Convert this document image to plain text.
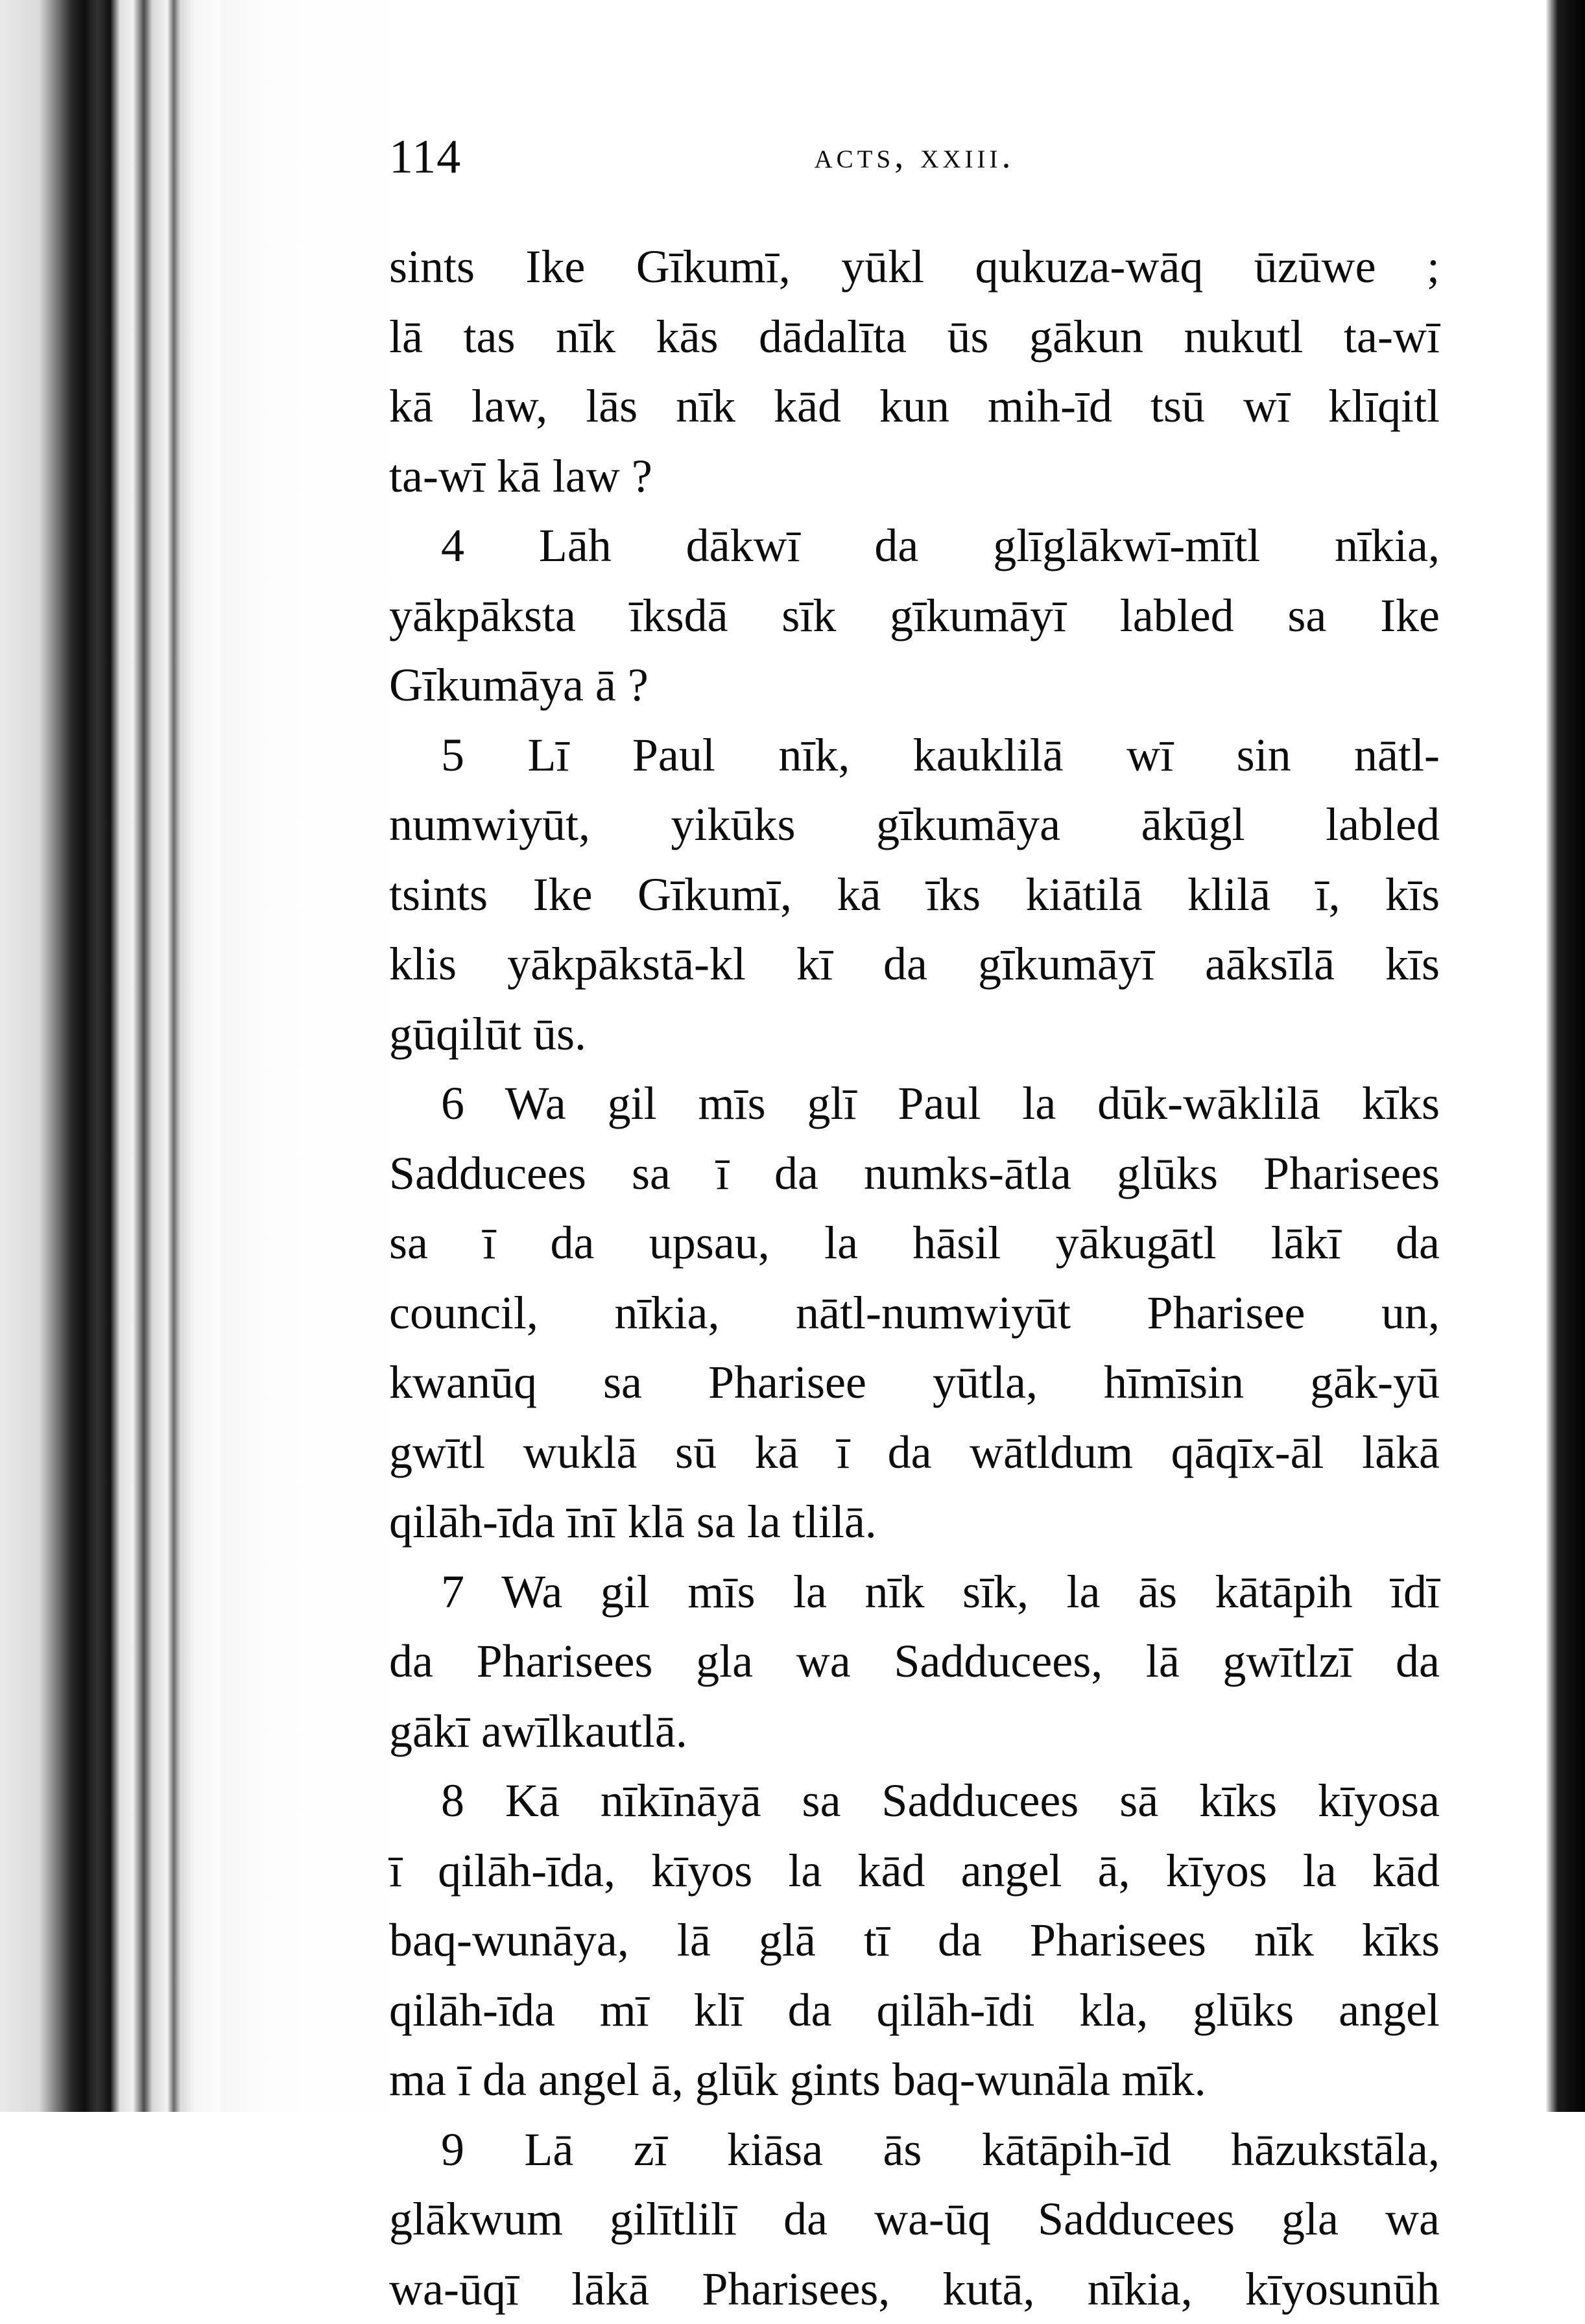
114	acts, xxiii.
sints Ike Gīkumī, yūkl qukuza-wāq ūzūwe ;
lā tas nīk kās dādalīta ūs gākun nukutl ta-wī
kā law, lās nīk kād kun mih-īd tsū wī klīqitl
ta-wī kā law ?
4 Lāh dākwī da glīglākwī-mītl nīkia,
yākpāksta īksdā sīk gīkumāyī labled sa Ike
Gīkumāya ā ?
5 Lī Paul nīk, kauklilā wī sin nātl-
numwiyūt, yikūks gīkumāya ākūgl labled
tsints Ike Gīkumī, kā īks kiātilā klilā ī, kīs
klis yākpākstā-kl kī da gīkumāyī aāksīlā kīs
gūqilūt ūs.
6 Wa gil mīs glī Paul la dūk-wāklilā kīks
Sadducees sa ī da numks-ātla glūks Pharisees
sa ī da upsau, la hāsil yākugātl lākī da
council, nīkia, nātl-numwiyūt Pharisee un,
kwanūq sa Pharisee yūtla, hīmīsin gāk-yū
gwītl wuklā sū kā ī da wātldum qāqīx-āl lākā
qilāh-īda īnī klā sa la tlilā.
7 Wa gil mīs la nīk sīk, la ās kātāpih īdī
da Pharisees gla wa Sadducees, lā gwītlzī da
gākī awīlkautlā.
8 Kā nīkīnāyā sa Sadducees sā kīks kīyosa
ī qilāh-īda, kīyos la kād angel ā, kīyos la kād
baq-wunāya, lā glā tī da Pharisees nīk kīks
qilāh-īda mī klī da qilāh-īdi kla, glūks angel
ma ī da angel ā, glūk gints baq-wunāla mīk.
9 Lā zī kiāsa ās kātāpih-īd hāzukstāla,
glākwum gilītlilī da wa-ūq Sadducees gla wa
wa-ūqī lākā Pharisees, kutā, nīkia, kīyosunūh
